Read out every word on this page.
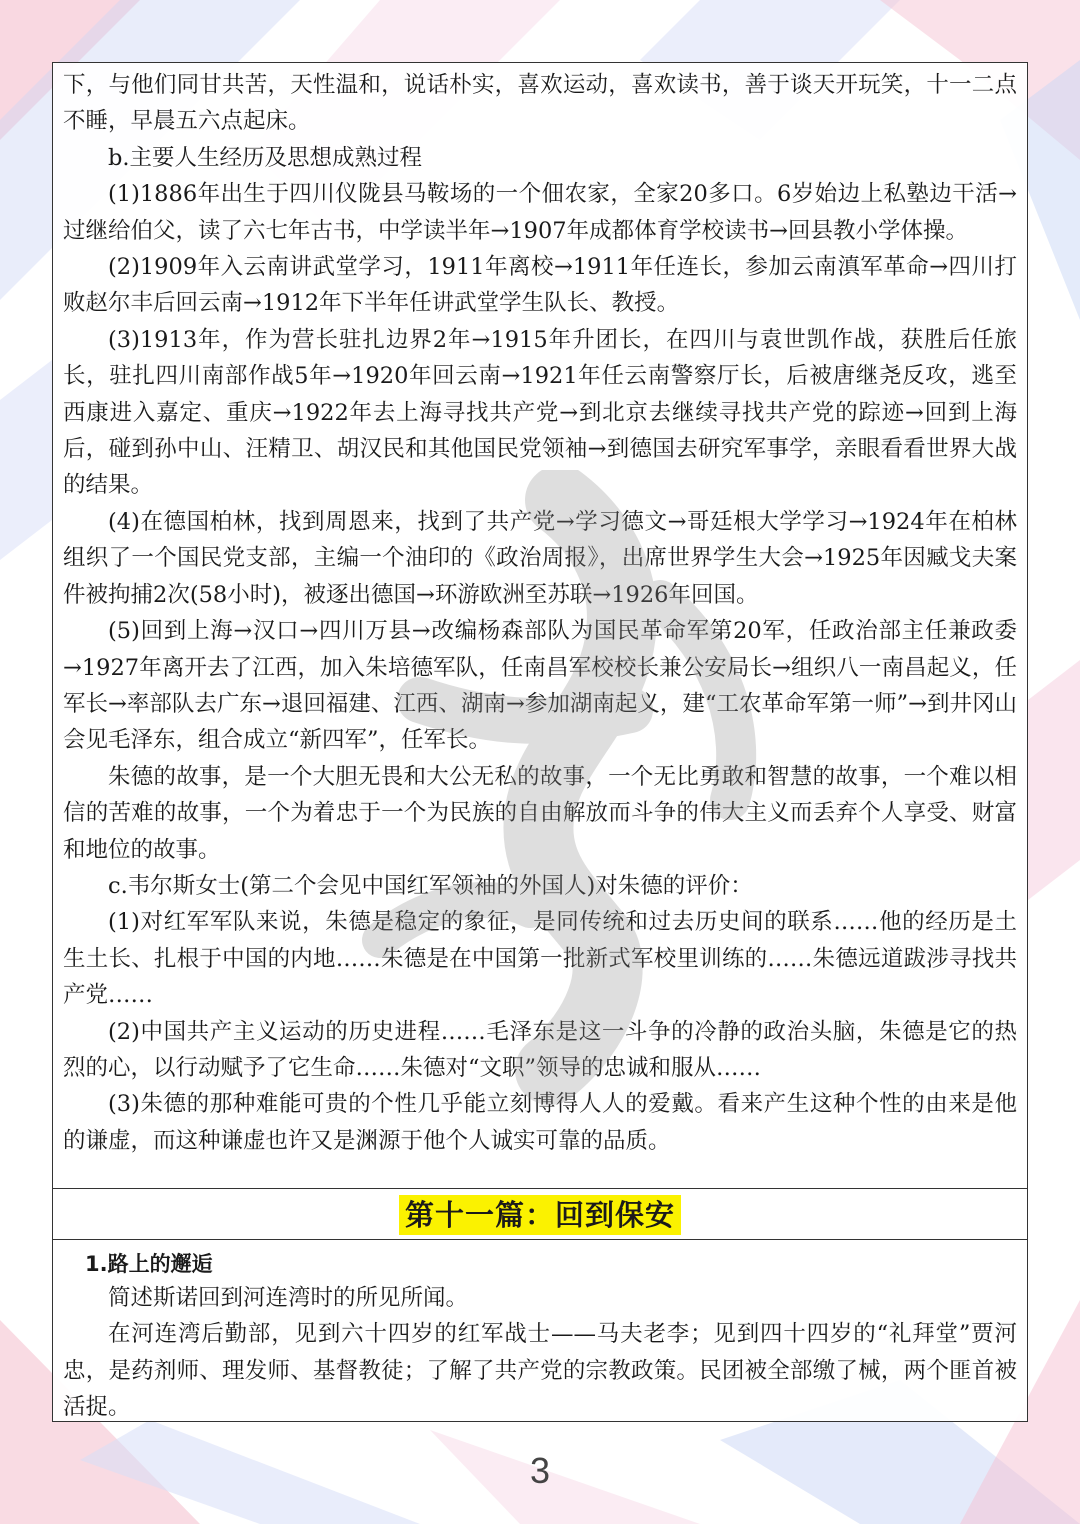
下，与他们同甘共苦，天性温和，说话朴实，喜欢运动，喜欢读书，善于谈天开玩笑，十一二点不睡，早晨五六点起床。

b.主要人生经历及思想成熟过程

(1)1886年出生于四川仪陇县马鞍场的一个佃农家，全家20多口。6岁始边上私塾边干活→过继给伯父，读了六七年古书，中学读半年→1907年成都体育学校读书→回县教小学体操。

(2)1909年入云南讲武堂学习，1911年离校→1911年任连长，参加云南滇军革命→四川打败赵尔丰后回云南→1912年下半年任讲武堂学生队长、教授。

(3)1913年，作为营长驻扎边界2年→1915年升团长，在四川与袁世凯作战，获胜后任旅长，驻扎四川南部作战5年→1920年回云南→1921年任云南警察厅长，后被唐继尧反攻，逃至西康进入嘉定、重庆→1922年去上海寻找共产党→到北京去继续寻找共产党的踪迹→回到上海后，碰到孙中山、汪精卫、胡汉民和其他国民党领袖→到德国去研究军事学，亲眼看看世界大战的结果。

(4)在德国柏林，找到周恩来，找到了共产党→学习德文→哥廷根大学学习→1924年在柏林组织了一个国民党支部，主编一个油印的《政治周报》，出席世界学生大会→1925年因臧戈夫案件被拘捕2次(58小时)，被逐出德国→环游欧洲至苏联→1926年回国。

(5)回到上海→汉口→四川万县→改编杨森部队为国民革命军第20军，任政治部主任兼政委→1927年离开去了江西，加入朱培德军队，任南昌军校校长兼公安局长→组织八一南昌起义，任军长→率部队去广东→退回福建、江西、湖南→参加湖南起义，建“工农革命军第一师”→到井冈山会见毛泽东，组合成立“新四军”，任军长。

朱德的故事，是一个大胆无畏和大公无私的故事，一个无比勇敢和智慧的故事，一个难以相信的苦难的故事，一个为着忠于一个为民族的自由解放而斗争的伟大主义而丢弃个人享受、财富和地位的故事。

c.韦尔斯女士(第二个会见中国红军领袖的外国人)对朱德的评价：

(1)对红军军队来说，朱德是稳定的象征，是同传统和过去历史间的联系……他的经历是土生土长、扎根于中国的内地……朱德是在中国第一批新式军校里训练的……朱德远道跋涉寻找共产党……

(2)中国共产主义运动的历史进程……毛泽东是这一斗争的冷静的政治头脑，朱德是它的热烈的心，以行动赋予了它生命……朱德对“文职”领导的忠诚和服从……

(3)朱德的那种难能可贵的个性几乎能立刻博得人人的爱戴。看来产生这种个性的由来是他的谦虚，而这种谦虚也许又是渊源于他个人诚实可靠的品质。

第十一篇：回到保安

1.路上的邂逅

简述斯诺回到河连湾时的所见所闻。

在河连湾后勤部，见到六十四岁的红军战士——马夫老李；见到四十四岁的“礼拜堂”贾河忠，是药剂师、理发师、基督教徒；了解了共产党的宗教政策。民团被全部缴了械，两个匪首被活捉。

3
